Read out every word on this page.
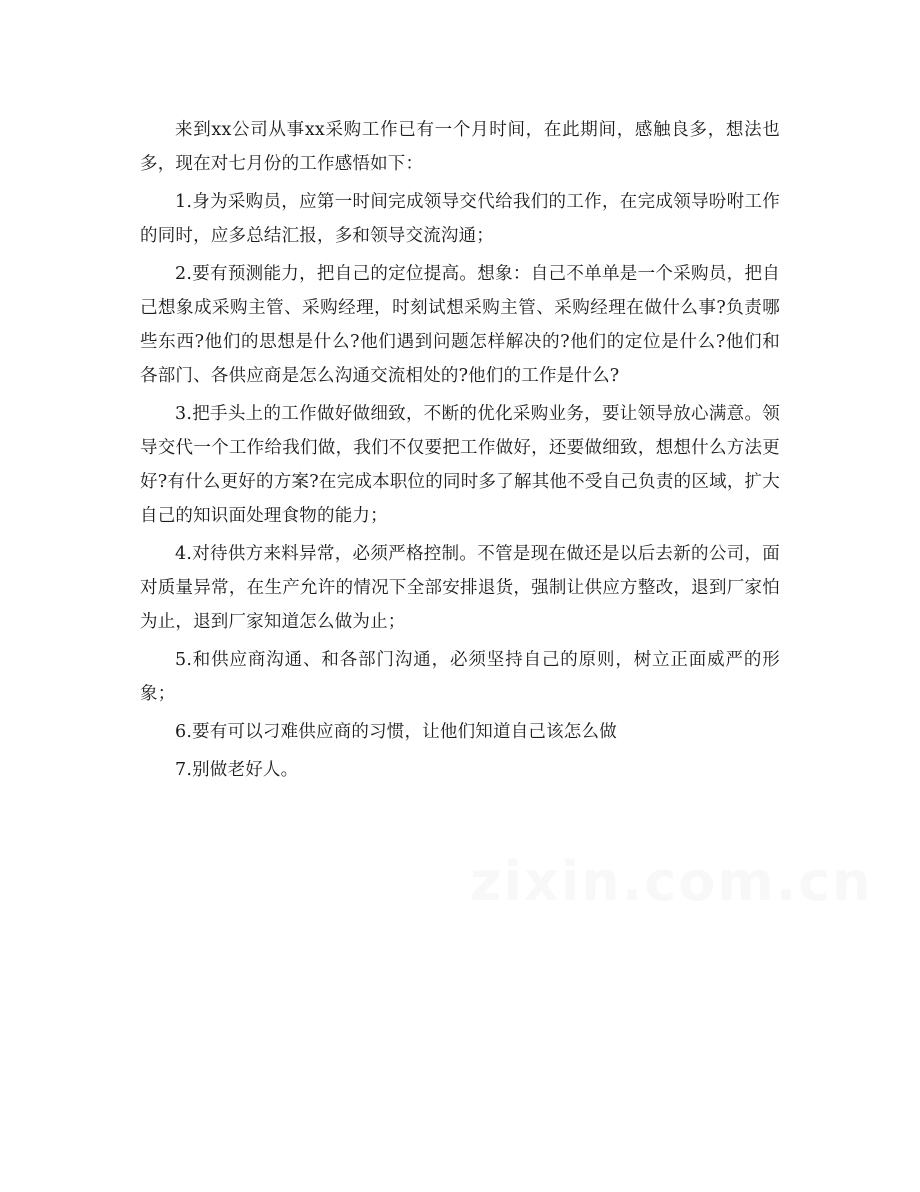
来到xx公司从事xx采购工作已有一个月时间，在此期间，感触良多，想法也多，现在对七月份的工作感悟如下：

1.身为采购员，应第一时间完成领导交代给我们的工作，在完成领导吩咐工作的同时，应多总结汇报，多和领导交流沟通；

2.要有预测能力，把自己的定位提高。想象：自己不单单是一个采购员，把自己想象成采购主管、采购经理，时刻试想采购主管、采购经理在做什么事?负责哪些东西?他们的思想是什么?他们遇到问题怎样解决的?他们的定位是什么?他们和各部门、各供应商是怎么沟通交流相处的?他们的工作是什么?

3.把手头上的工作做好做细致，不断的优化采购业务，要让领导放心满意。领导交代一个工作给我们做，我们不仅要把工作做好，还要做细致，想想什么方法更好?有什么更好的方案?在完成本职位的同时多了解其他不受自己负责的区域，扩大自己的知识面处理食物的能力；

4.对待供方来料异常，必须严格控制。不管是现在做还是以后去新的公司，面对质量异常，在生产允许的情况下全部安排退货，强制让供应方整改，退到厂家怕为止，退到厂家知道怎么做为止；

5.和供应商沟通、和各部门沟通，必须坚持自己的原则，树立正面威严的形象；

6.要有可以刁难供应商的习惯，让他们知道自己该怎么做

7.别做老好人。

zixin.com.cn
